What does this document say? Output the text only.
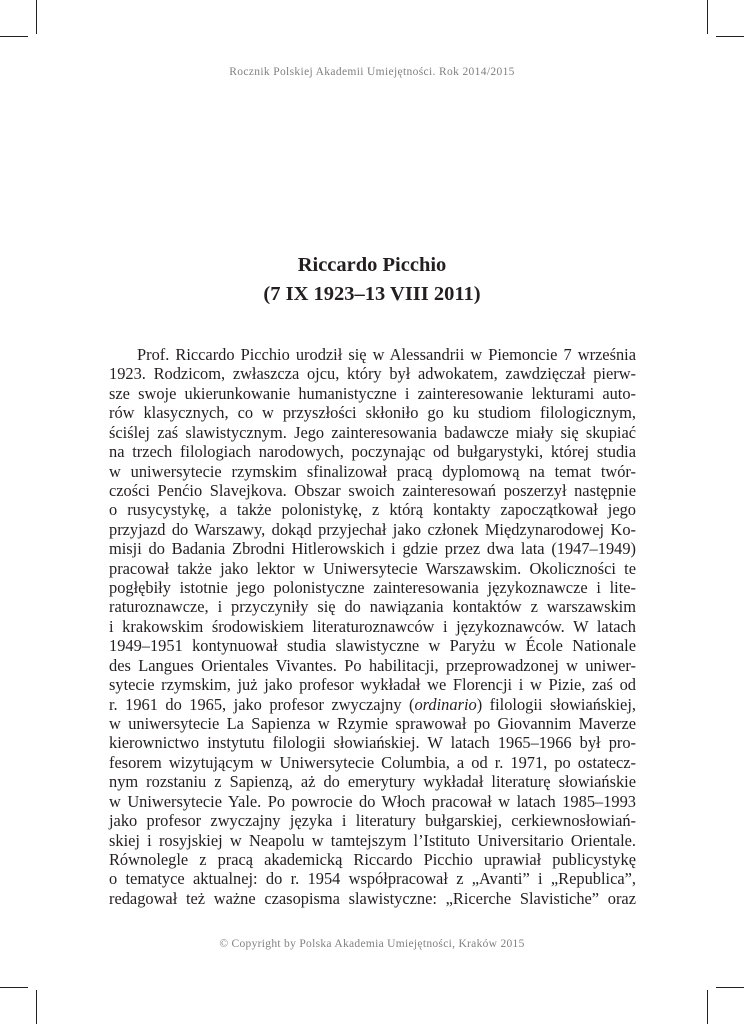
Rocznik Polskiej Akademii Umiejętności. Rok 2014/2015
Riccardo Picchio
(7 IX 1923–13 VIII 2011)
Prof. Riccardo Picchio urodził się w Alessandrii w Piemoncie 7 września
1923. Rodzicom, zwłaszcza ojcu, który był adwokatem, zawdzięczał pierw-
sze swoje ukierunkowanie humanistyczne i zainteresowanie lekturami auto-
rów klasycznych, co w przyszłości skłoniło go ku studiom filologicznym,
ściślej zaś slawistycznym. Jego zainteresowania badawcze miały się skupiać
na trzech filologiach narodowych, poczynając od bułgarystyki, której studia
w uniwersytecie rzymskim sfinalizował pracą dyplomową na temat twór-
czości Penćio Slavejkova. Obszar swoich zainteresowań poszerzył następnie
o rusycystykę, a także polonistykę, z którą kontakty zapoczątkował jego
przyjazd do Warszawy, dokąd przyjechał jako członek Międzynarodowej Ko-
misji do Badania Zbrodni Hitlerowskich i gdzie przez dwa lata (1947–1949)
pracował także jako lektor w Uniwersytecie Warszawskim. Okoliczności te
pogłębiły istotnie jego polonistyczne zainteresowania językoznawcze i lite-
raturoznawcze, i przyczyniły się do nawiązania kontaktów z warszawskim
i krakowskim środowiskiem literaturoznawców i językoznawców. W latach
1949–1951 kontynuował studia slawistyczne w Paryżu w École Nationale
des Langues Orientales Vivantes. Po habilitacji, przeprowadzonej w uniwer-
sytecie rzymskim, już jako profesor wykładał we Florencji i w Pizie, zaś od
r. 1961 do 1965, jako profesor zwyczajny (ordinario) filologii słowiańskiej,
w uniwersytecie La Sapienza w Rzymie sprawował po Giovannim Maverze
kierownictwo instytutu filologii słowiańskiej. W latach 1965–1966 był pro-
fesorem wizytującym w Uniwersytecie Columbia, a od r. 1971, po ostatecz-
nym rozstaniu z Sapienzą, aż do emerytury wykładał literaturę słowiańskie
w Uniwersytecie Yale. Po powrocie do Włoch pracował w latach 1985–1993
jako profesor zwyczajny języka i literatury bułgarskiej, cerkiewnosłowiań-
skiej i rosyjskiej w Neapolu w tamtejszym l’Istituto Universitario Orientale.
Równolegle z pracą akademicką Riccardo Picchio uprawiał publicystykę
o tematyce aktualnej: do r. 1954 współpracował z „Avanti” i „Republica”,
redagował też ważne czasopisma slawistyczne: „Ricerche Slavistiche” oraz
© Copyright by Polska Akademia Umiejętności, Kraków 2015
